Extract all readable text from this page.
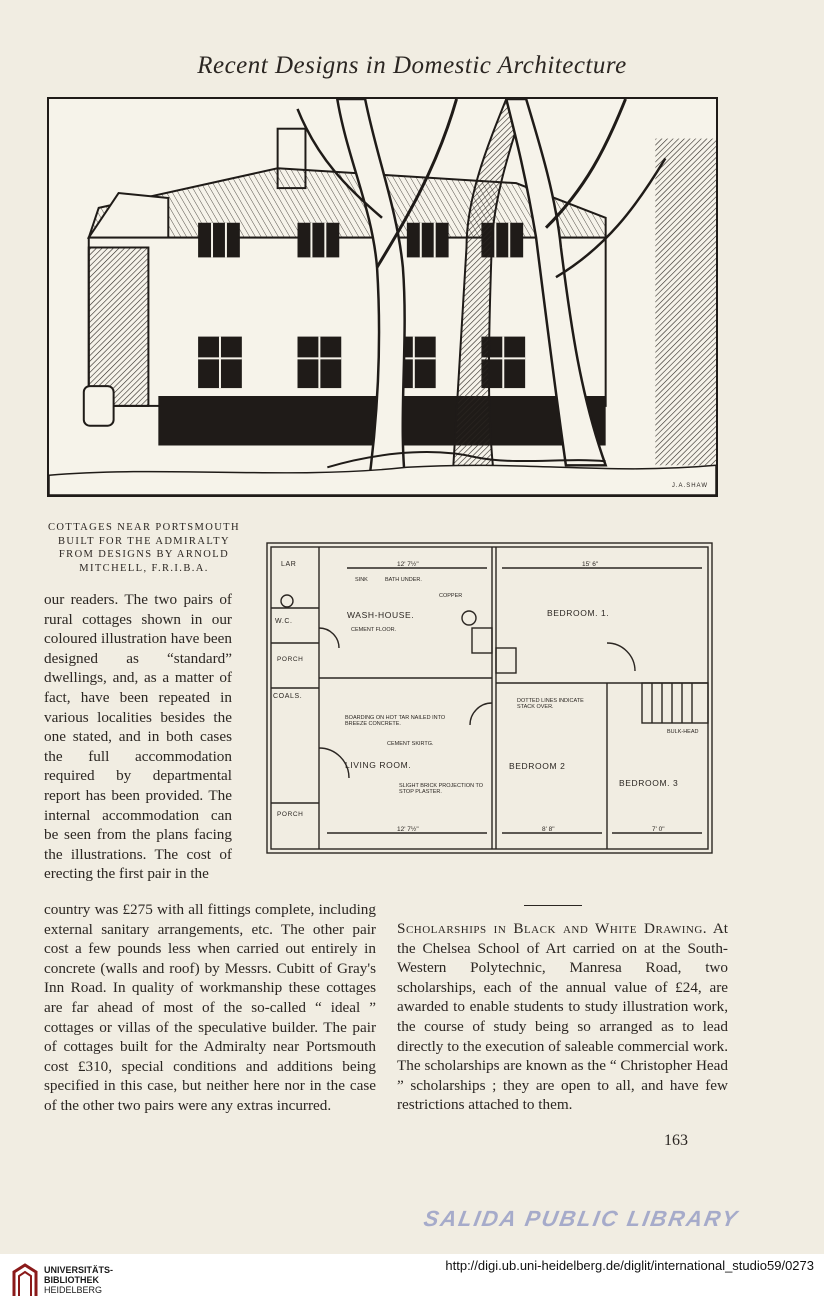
Recent Designs in Domestic Architecture
J.A.SHAW
COTTAGES NEAR PORTSMOUTH
BUILT FOR THE ADMIRALTY
FROM DESIGNS BY ARNOLD
MITCHELL, F.R.I.B.A.
WASH-HOUSE.	BEDROOM. 1.
LIVING ROOM.	BEDROOM 2
BEDROOM. 3
W.C.
COALS.
PORCH
PORCH
LAR
SINK	BATH UNDER.
COPPER
CEMENT FLOOR.
BOARDING ON HOT TAR NAILED INTO BREEZE CONCRETE.
CEMENT SKIRTG.
SLIGHT BRICK PROJECTION TO STOP PLASTER.
DOTTED LINES INDICATE STACK OVER.
BULK-HEAD
12' 7½"	15' 6"
12' 7½"	8' 8"	7' 0"

our readers. The two pairs of rural cottages shown in our coloured illustration have been designed as “standard” dwellings, and, as a matter of fact, have been repeated in various localities besides the one stated, and in both cases the full accommodation required by departmental report has been provided. The internal accommodation can be seen from the plans facing the illustrations. The cost of erecting the first pair in the

country was £275 with all fittings complete, including external sanitary arrangements, etc. The other pair cost a few pounds less when carried out entirely in concrete (walls and roof) by Messrs. Cubitt of Gray's Inn Road. In quality of workmanship these cottages are far ahead of most of the so-called “ ideal ” cottages or villas of the speculative builder. The pair of cottages built for the Admiralty near Portsmouth cost £310, special conditions and additions being specified in this case, but neither here nor in the case of the other two pairs were any extras incurred.

Scholarships in Black and White Drawing. At the Chelsea School of Art carried on at the South-Western Polytechnic, Manresa Road, two scholarships, each of the annual value of £24, are awarded to enable students to study illustration work, the course of study being so arranged as to lead directly to the execution of saleable commercial work. The scholarships are known as the “ Christopher Head ” scholarships ; they are open to all, and have few restrictions attached to them.

163
SALIDA PUBLIC LIBRARY
UNIVERSITÄTS-
BIBLIOTHEK
HEIDELBERG
http://digi.ub.uni-heidelberg.de/diglit/international_studio59/0273
